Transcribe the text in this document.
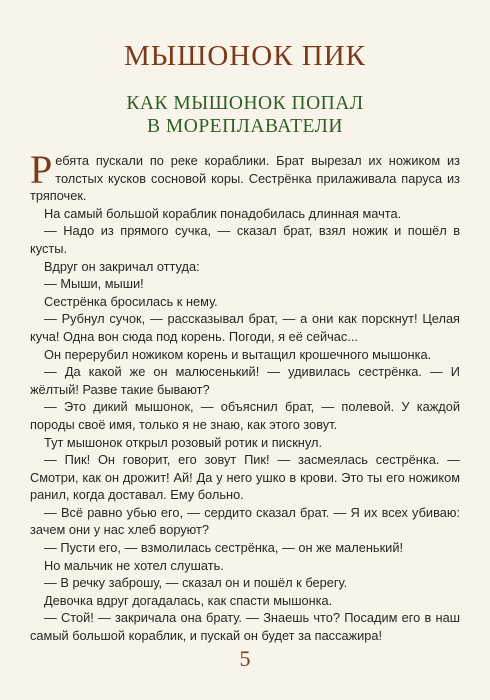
МЫШОНОК ПИК
КАК МЫШОНОК ПОПАЛ
В МОРЕПЛАВАТЕЛИ

Ребята пускали по реке кораблики. Брат вырезал их ножиком из толстых кусков сосновой коры. Сестрёнка прилаживала паруса из тряпочек.

На самый большой кораблик понадобилась длинная мачта.

— Надо из прямого сучка, — сказал брат, взял ножик и пошёл в кусты.

Вдруг он закричал оттуда:

— Мыши, мыши!

Сестрёнка бросилась к нему.

— Рубнул сучок, — рассказывал брат, — а они как порскнут! Целая куча! Одна вон сюда под корень. Погоди, я её сейчас...

Он перерубил ножиком корень и вытащил крошечного мышонка.

— Да какой же он малюсенький! — удивилась сестрёнка. — И жёлтый! Разве такие бывают?

— Это дикий мышонок, — объяснил брат, — полевой. У каждой породы своё имя, только я не знаю, как этого зовут.

Тут мышонок открыл розовый ротик и пискнул.

— Пик! Он говорит, его зовут Пик! — засмеялась сестрёнка. — Смотри, как он дрожит! Ай! Да у него ушко в крови. Это ты его ножиком ранил, когда доставал. Ему больно.

— Всё равно убью его, — сердито сказал брат. — Я их всех убиваю: зачем они у нас хлеб воруют?

— Пусти его, — взмолилась сестрёнка, — он же маленький!

Но мальчик не хотел слушать.

— В речку заброшу, — сказал он и пошёл к берегу.

Девочка вдруг догадалась, как спасти мышонка.

— Стой! — закричала она брату. — Знаешь что? Посадим его в наш самый большой кораблик, и пускай он будет за пассажира!

5
